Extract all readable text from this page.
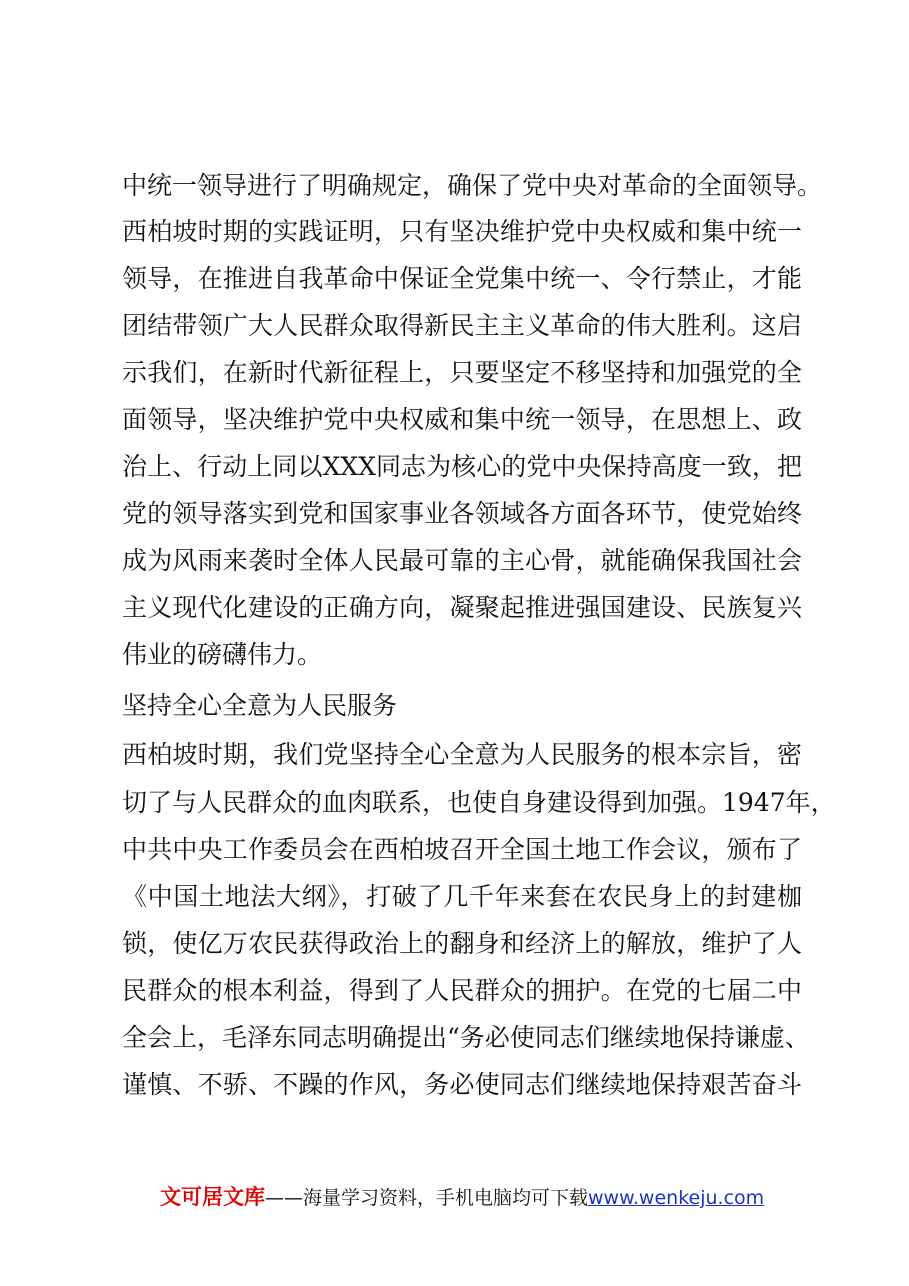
中统一领导进行了明确规定，确保了党中央对革命的全面领导。
西柏坡时期的实践证明，只有坚决维护党中央权威和集中统一
领导，在推进自我革命中保证全党集中统一、令行禁止，才能
团结带领广大人民群众取得新民主主义革命的伟大胜利。这启
示我们，在新时代新征程上，只要坚定不移坚持和加强党的全
面领导，坚决维护党中央权威和集中统一领导，在思想上、政
治上、行动上同以XXX同志为核心的党中央保持高度一致，把
党的领导落实到党和国家事业各领域各方面各环节，使党始终
成为风雨来袭时全体人民最可靠的主心骨，就能确保我国社会
主义现代化建设的正确方向，凝聚起推进强国建设、民族复兴
伟业的磅礴伟力。
坚持全心全意为人民服务
西柏坡时期，我们党坚持全心全意为人民服务的根本宗旨，密
切了与人民群众的血肉联系，也使自身建设得到加强。1947年，
中共中央工作委员会在西柏坡召开全国土地工作会议，颁布了
《中国土地法大纲》，打破了几千年来套在农民身上的封建枷
锁，使亿万农民获得政治上的翻身和经济上的解放，维护了人
民群众的根本利益，得到了人民群众的拥护。在党的七届二中
全会上，毛泽东同志明确提出“务必使同志们继续地保持谦虚、
谨慎、不骄、不躁的作风，务必使同志们继续地保持艰苦奋斗
文可居文库——海量学习资料，手机电脑均可下载www.wenkeju.com
